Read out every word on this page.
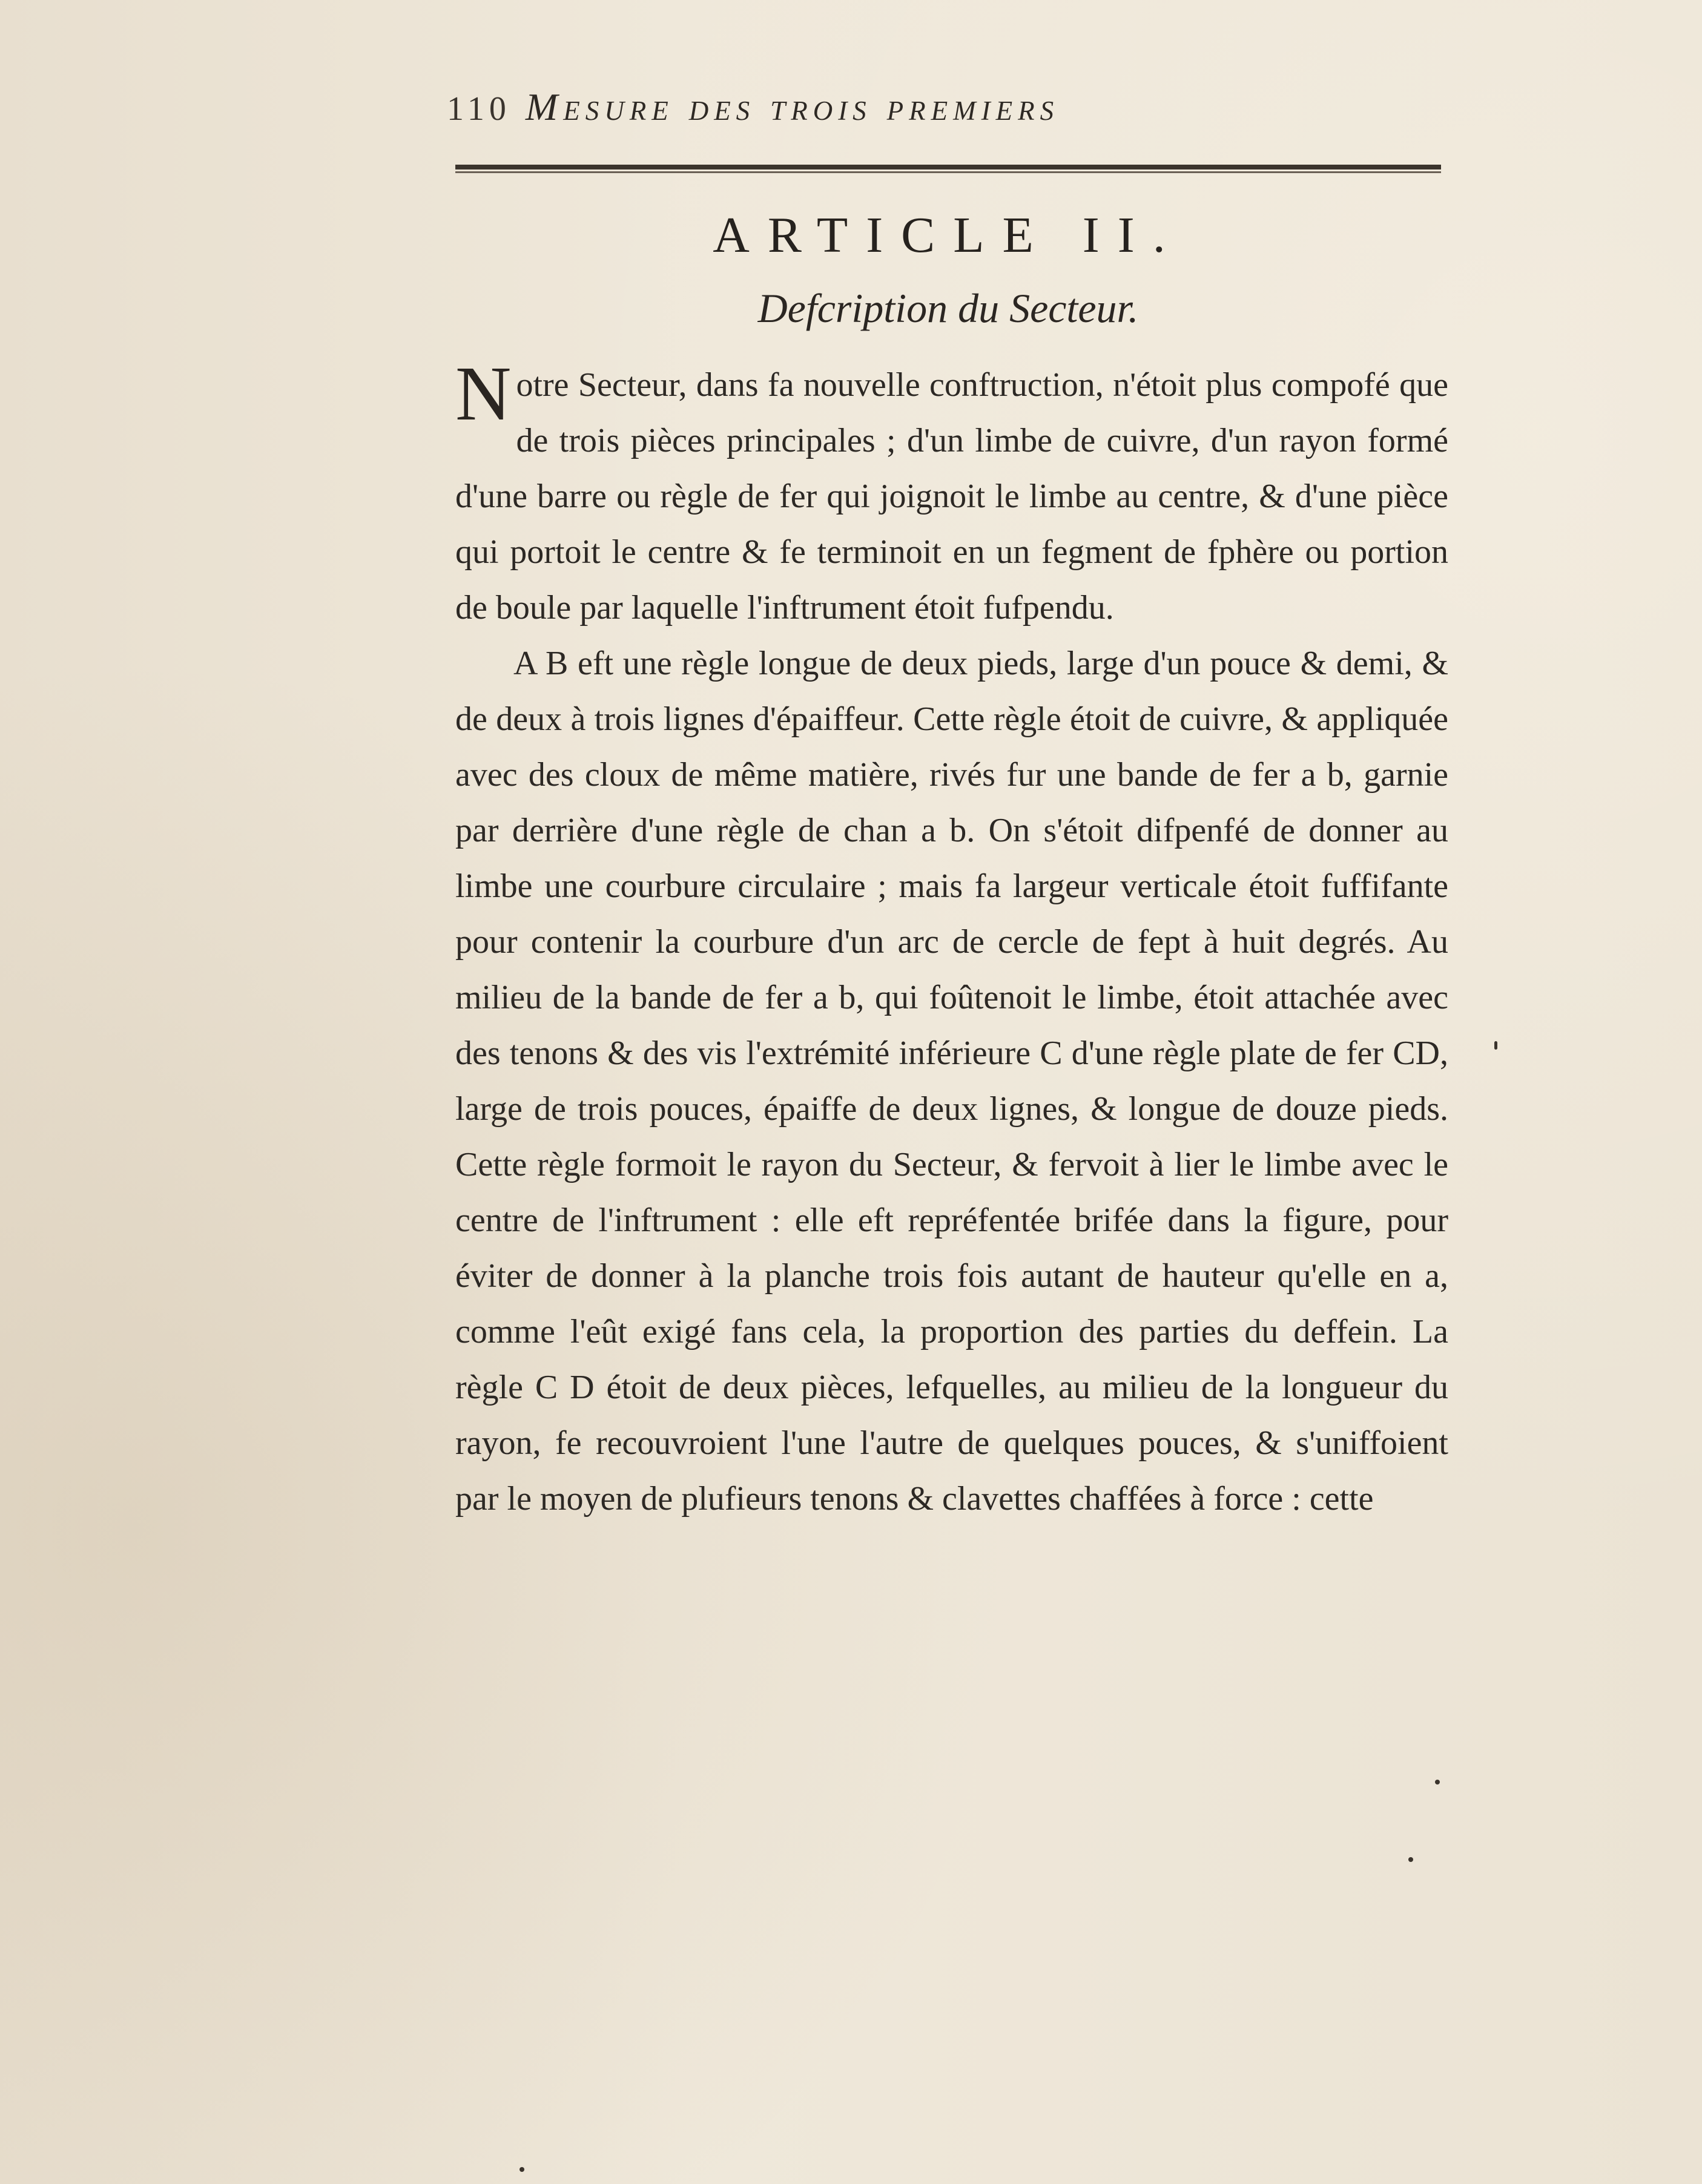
110 Mesure des trois premiers
ARTICLE II.
Defcription du Secteur.

Notre Secteur, dans fa nouvelle conftruction, n'étoit plus compofé que de trois pièces principales ; d'un limbe de cuivre, d'un rayon formé d'une barre ou règle de fer qui joignoit le limbe au centre, & d'une pièce qui portoit le centre & fe terminoit en un fegment de fphère ou portion de boule par laquelle l'inftrument étoit fufpendu.

A B eft une règle longue de deux pieds, large d'un pouce & demi, & de deux à trois lignes d'épaiffeur. Cette règle étoit de cuivre, & appliquée avec des cloux de même matière, rivés fur une bande de fer a b, garnie par derrière d'une règle de chan a b. On s'étoit difpenfé de donner au limbe une courbure circulaire ; mais fa largeur verticale étoit fuffifante pour contenir la courbure d'un arc de cercle de fept à huit degrés. Au milieu de la bande de fer a b, qui foûtenoit le limbe, étoit attachée avec des tenons & des vis l'extrémité inférieure C d'une règle plate de fer CD, large de trois pouces, épaiffe de deux lignes, & longue de douze pieds. Cette règle formoit le rayon du Secteur, & fervoit à lier le limbe avec le centre de l'inftrument : elle eft repréfentée brifée dans la figure, pour éviter de donner à la planche trois fois autant de hauteur qu'elle en a, comme l'eût exigé fans cela, la proportion des parties du deffein. La règle C D étoit de deux pièces, lefquelles, au milieu de la longueur du rayon, fe recouvroient l'une l'autre de quelques pouces, & s'uniffoient par le moyen de plufieurs tenons & clavettes chaffées à force : cette
